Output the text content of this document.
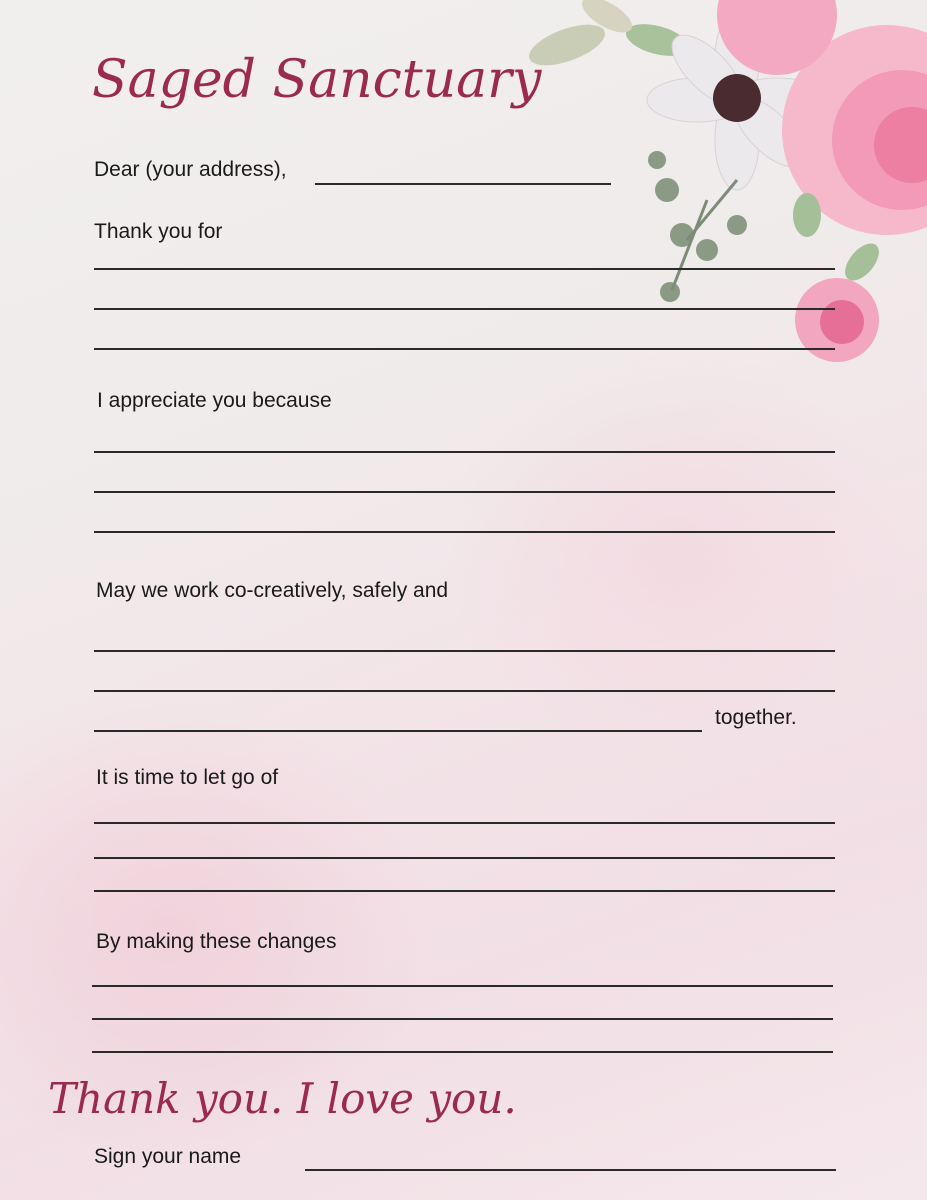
Saged Sanctuary
Dear (your address),
Thank you for
I appreciate you because
May we work co-creatively, safely and
together.
It is time to let go of
By making these changes
Thank you. I love you.
Sign your name
